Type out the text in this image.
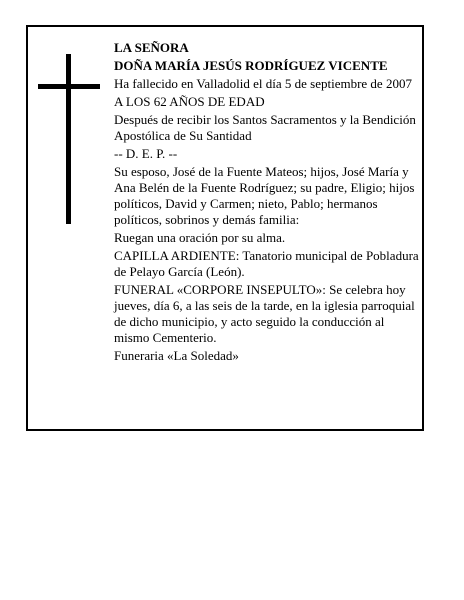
LA SEÑORA

DOÑA MARÍA JESÚS RODRÍGUEZ VICENTE

Ha fallecido en Valladolid el día 5 de septiembre de 2007

A LOS 62 AÑOS DE EDAD

Después de recibir los Santos Sacramentos y la Bendición Apostólica de Su Santidad

-- D. E. P. --

Su esposo, José de la Fuente Mateos; hijos, José María y Ana Belén de la Fuente Rodríguez; su padre, Eligio; hijos políticos, David y Carmen; nieto, Pablo; hermanos políticos, sobrinos y demás familia:

Ruegan una oración por su alma.

CAPILLA ARDIENTE: Tanatorio municipal de Pobladura de Pelayo García (León).

FUNERAL «CORPORE INSEPULTO»: Se celebra hoy jueves, día 6, a las seis de la tarde, en la iglesia parroquial de dicho municipio, y acto seguido la conducción al mismo Cementerio.

Funeraria «La Soledad»
